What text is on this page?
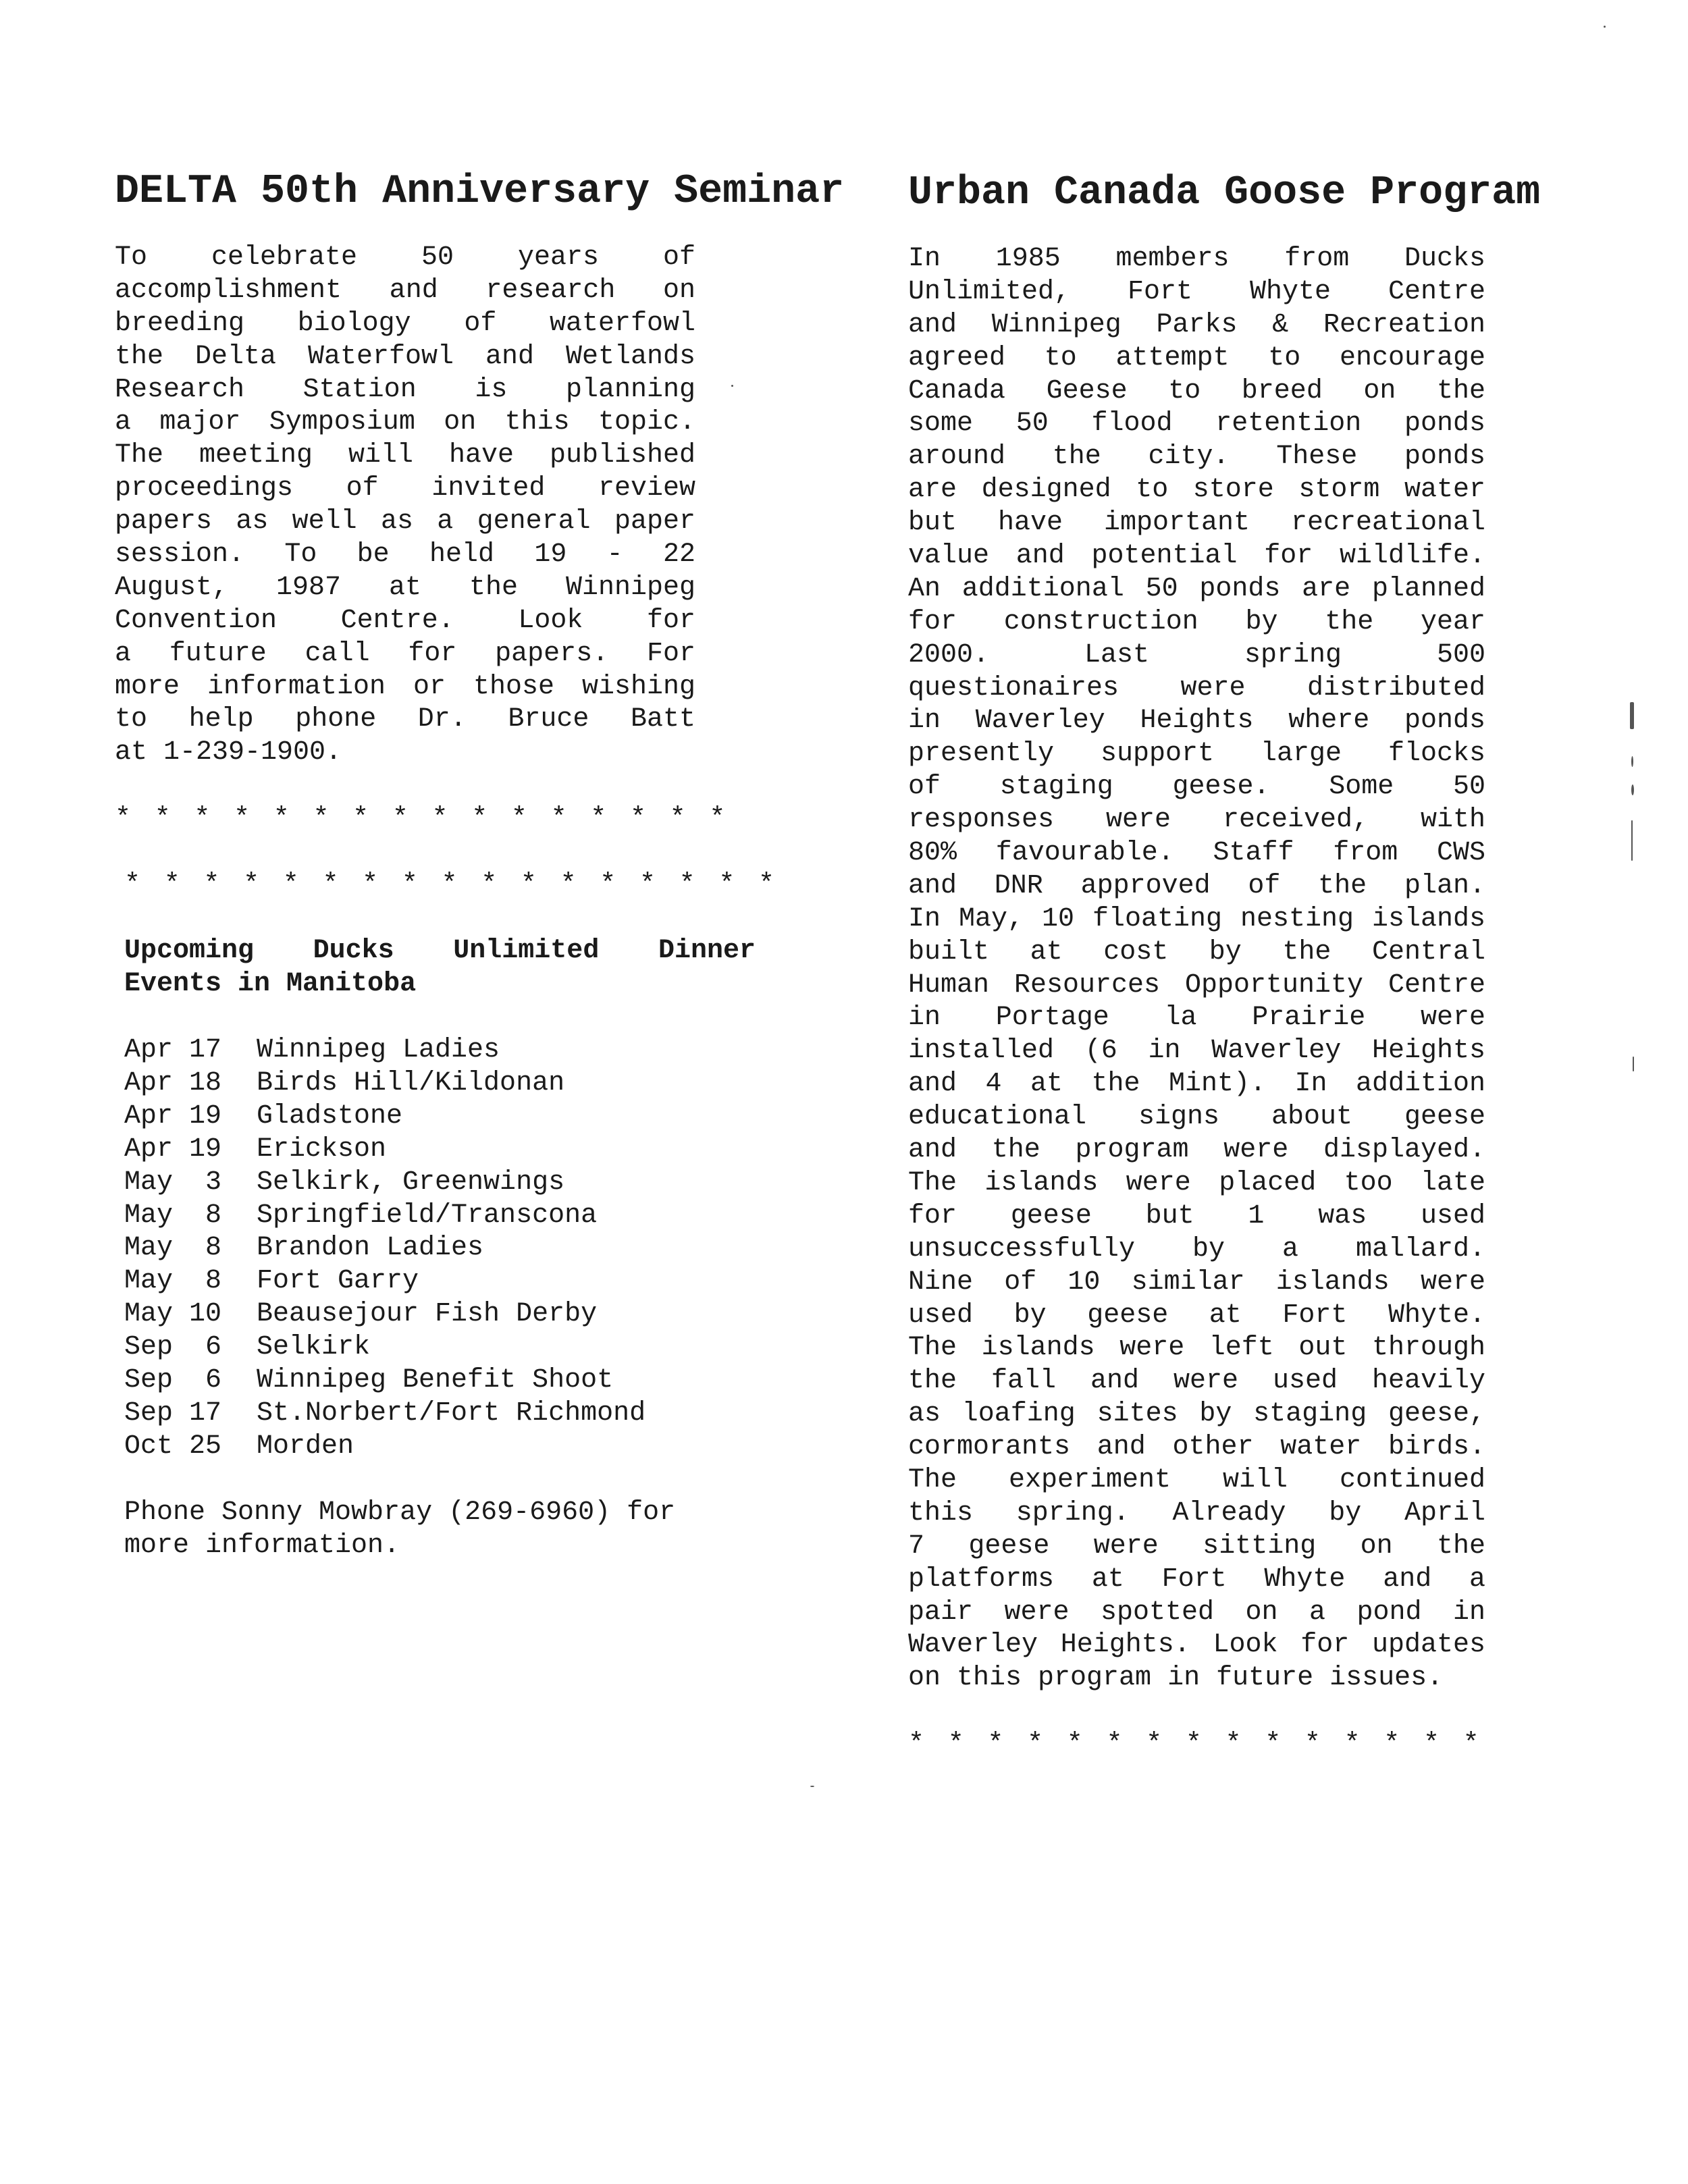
DELTA 50th Anniversary Seminar
To celebrate 50 years of
accomplishment and research on
breeding biology of waterfowl
the Delta Waterfowl and Wetlands
Research Station is planning
a major Symposium on this topic.
The meeting will have published
proceedings of invited review
papers as well as a general paper
session. To be held 19 - 22
August, 1987 at the Winnipeg
Convention Centre. Look for
a future call for papers. For
more information or those wishing
to help phone Dr. Bruce Batt
at 1-239-1900.
* * * * * * * * * * * * * * * *
* * * * * * * * * * * * * * * * *
Upcoming Ducks Unlimited Dinner
Events in Manitoba
Apr 17	Winnipeg Ladies
Apr 18	Birds Hill/Kildonan
Apr 19	Gladstone
Apr 19	Erickson
May  3	Selkirk, Greenwings
May  8	Springfield/Transcona
May  8	Brandon Ladies
May  8	Fort Garry
May 10	Beausejour Fish Derby
Sep  6	Selkirk
Sep  6	Winnipeg Benefit Shoot
Sep 17	St.Norbert/Fort Richmond
Oct 25	Morden
Phone Sonny Mowbray (269-6960) for
more information.
Urban Canada Goose Program
In 1985 members from Ducks
Unlimited, Fort Whyte Centre
and Winnipeg Parks & Recreation
agreed to attempt to encourage
Canada Geese to breed on the
some 50 flood retention ponds
around the city. These ponds
are designed to store storm water
but have important recreational
value and potential for wildlife.
An additional 50 ponds are planned
for construction by the year
2000. Last spring 500
questionaires were distributed
in Waverley Heights where ponds
presently support large flocks
of staging geese. Some 50
responses were received, with
80% favourable. Staff from CWS
and DNR approved of the plan.
In May, 10 floating nesting islands
built at cost by the Central
Human Resources Opportunity Centre
in Portage la Prairie were
installed (6 in Waverley Heights
and 4 at the Mint). In addition
educational signs about geese
and the program were displayed.
The islands were placed too late
for geese but 1 was used
unsuccessfully by a mallard.
Nine of 10 similar islands were
used by geese at Fort Whyte.
The islands were left out through
the fall and were used heavily
as loafing sites by staging geese,
cormorants and other water birds.
The experiment will continued
this spring. Already by April
7 geese were sitting on the
platforms at Fort Whyte and a
pair were spotted on a pond in
Waverley Heights. Look for updates
on this program in future issues.
* * * * * * * * * * * * * * *
